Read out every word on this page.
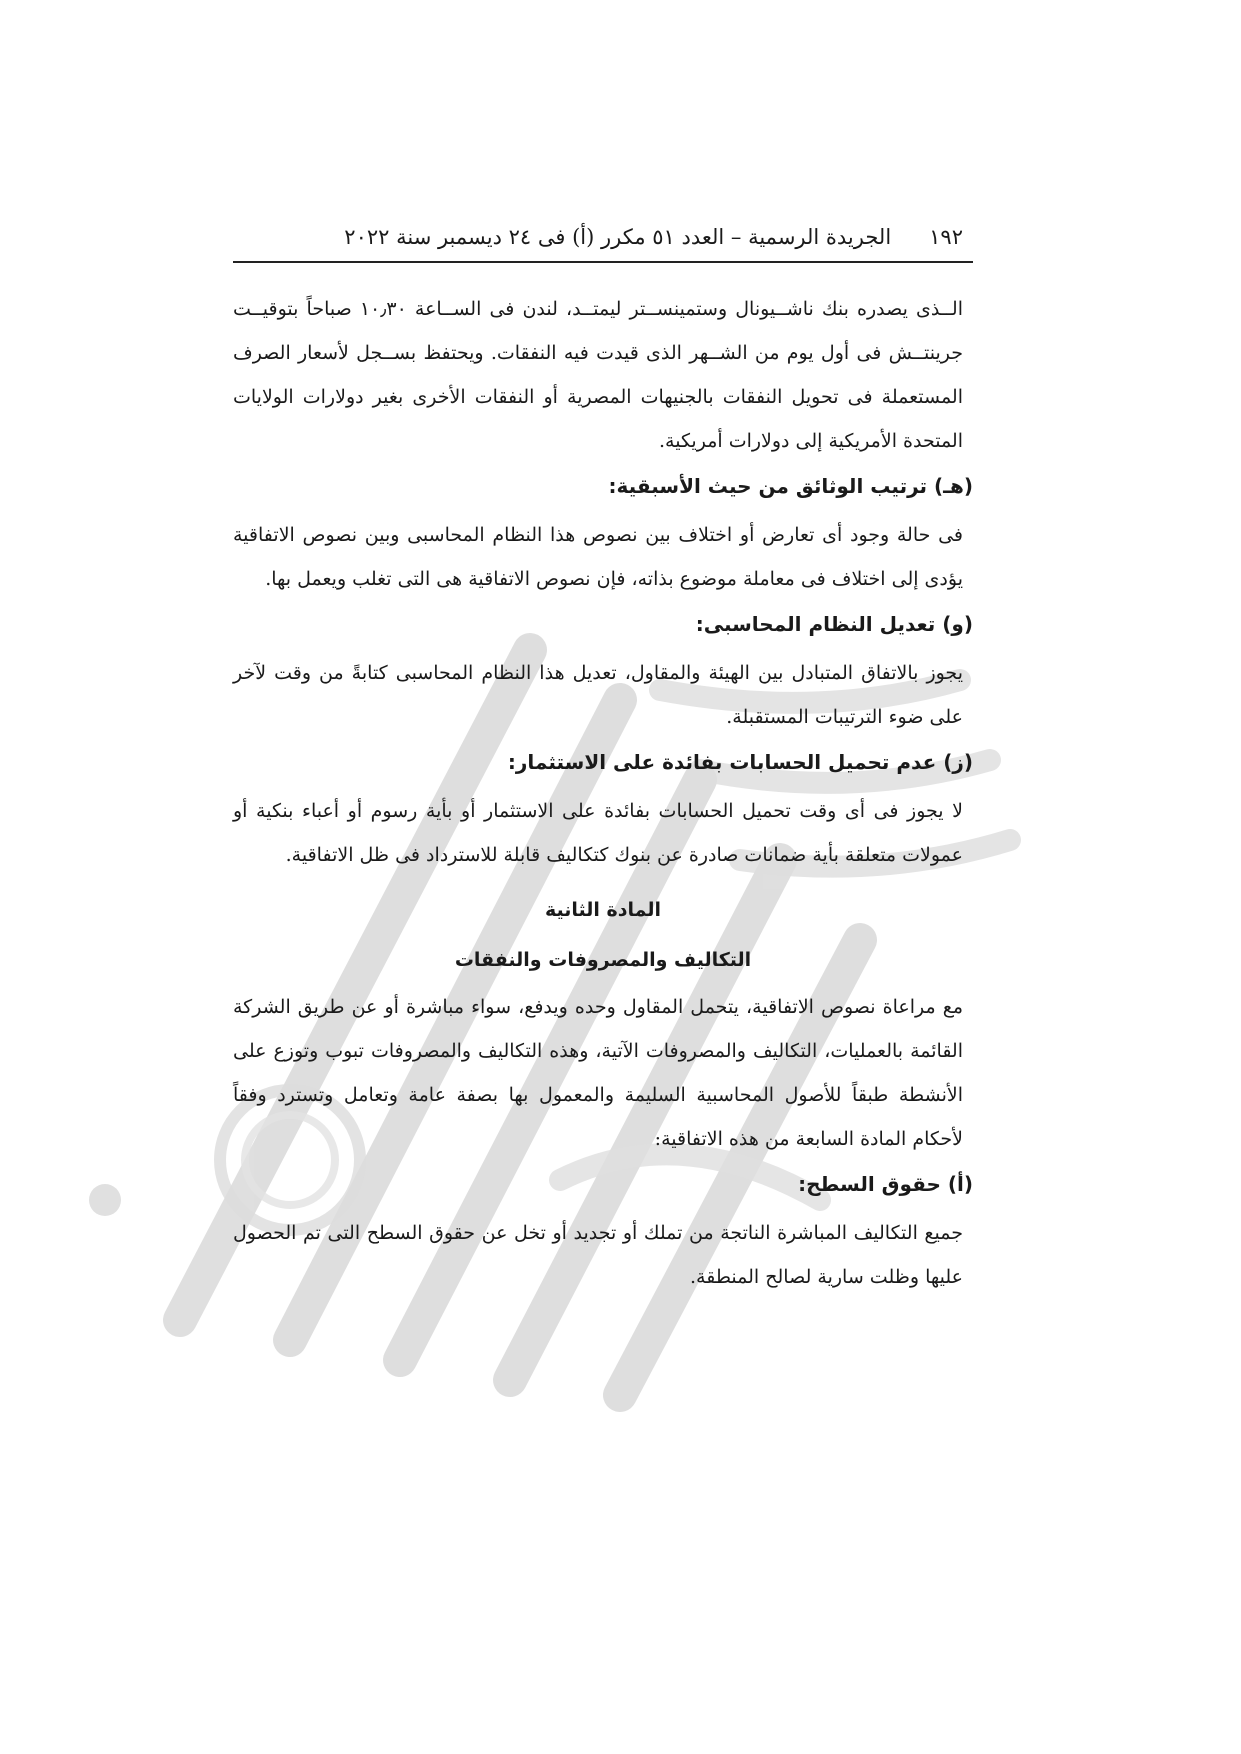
١٩٢
الجريدة الرسمية – العدد ٥١ مكرر (أ) فى ٢٤ ديسمبر سنة ٢٠٢٢

الــذى يصدره بنك ناشــيونال وستمينســتر ليمتــد، لندن فى الســاعة ١٠٫٣٠ صباحاً بتوقيــت جرينتــش فى أول يوم من الشــهر الذى قيدت فيه النفقات. ويحتفظ بســجل لأسعار الصرف المستعملة فى تحويل النفقات بالجنيهات المصرية أو النفقات الأخرى بغير دولارات الولايات المتحدة الأمريكية إلى دولارات أمريكية.

(هـ) ترتيب الوثائق من حيث الأسبقية:

فى حالة وجود أى تعارض أو اختلاف بين نصوص هذا النظام المحاسبى وبين نصوص الاتفاقية يؤدى إلى اختلاف فى معاملة موضوع بذاته، فإن نصوص الاتفاقية هى التى تغلب ويعمل بها.

(و) تعديل النظام المحاسبى:

يجوز بالاتفاق المتبادل بين الهيئة والمقاول، تعديل هذا النظام المحاسبى كتابةً من وقت لآخر على ضوء الترتيبات المستقبلة.

(ز) عدم تحميل الحسابات بفائدة على الاستثمار:

لا يجوز فى أى وقت تحميل الحسابات بفائدة على الاستثمار أو بأية رسوم أو أعباء بنكية أو عمولات متعلقة بأية ضمانات صادرة عن بنوك كتكاليف قابلة للاسترداد فى ظل الاتفاقية.

المادة الثانية

التكاليف والمصروفات والنفقات

مع مراعاة نصوص الاتفاقية، يتحمل المقاول وحده ويدفع، سواء مباشرة أو عن طريق الشركة القائمة بالعمليات، التكاليف والمصروفات الآتية، وهذه التكاليف والمصروفات تبوب وتوزع على الأنشطة طبقاً للأصول المحاسبية السليمة والمعمول بها بصفة عامة وتعامل وتسترد وفقاً لأحكام المادة السابعة من هذه الاتفاقية:

(أ) حقوق السطح:

جميع التكاليف المباشرة الناتجة من تملك أو تجديد أو تخل عن حقوق السطح التى تم الحصول عليها وظلت سارية لصالح المنطقة.
